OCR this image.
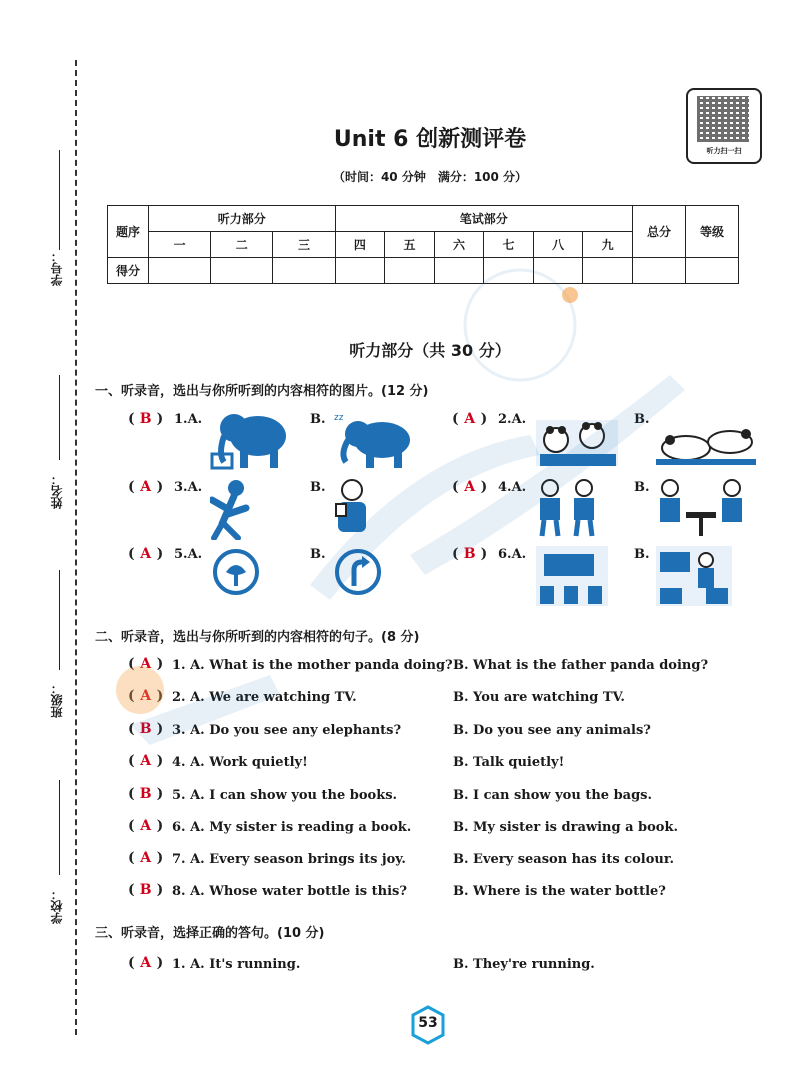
学号：
姓名：
班级：
学校：
Unit 6 创新测评卷
（时间：40 分钟　满分：100 分）
听力扫一扫
题序	听力部分			笔试部分						总分	等级
	一	二	三	四	五	六	七	八	九		
得分											
听力部分（共 30 分）
一、听录音，选出与你所听到的内容相符的图片。(12 分)
( B ) 1.A.	B. zz	( A ) 2.A.	B.
( A ) 3.A.	B.	( A ) 4.A.	B.
( A ) 5.A.	B.	( B ) 6.A.	B.
二、听录音，选出与你所听到的内容相符的句子。(8 分)
( A ) 1. A. What is the mother panda doing? B. What is the father panda doing?
( A ) 2. A. We are watching TV.	B. You are watching TV.
( B ) 3. A. Do you see any elephants?	B. Do you see any animals?
( A ) 4. A. Work quietly!	B. Talk quietly!
( B ) 5. A. I can show you the books.	B. I can show you the bags.
( A ) 6. A. My sister is reading a book.	B. My sister is drawing a book.
( A ) 7. A. Every season brings its joy.	B. Every season has its colour.
( B ) 8. A. Whose water bottle is this?	B. Where is the water bottle?
三、听录音，选择正确的答句。(10 分)
( A ) 1. A. It's running.	B. They're running.
53
